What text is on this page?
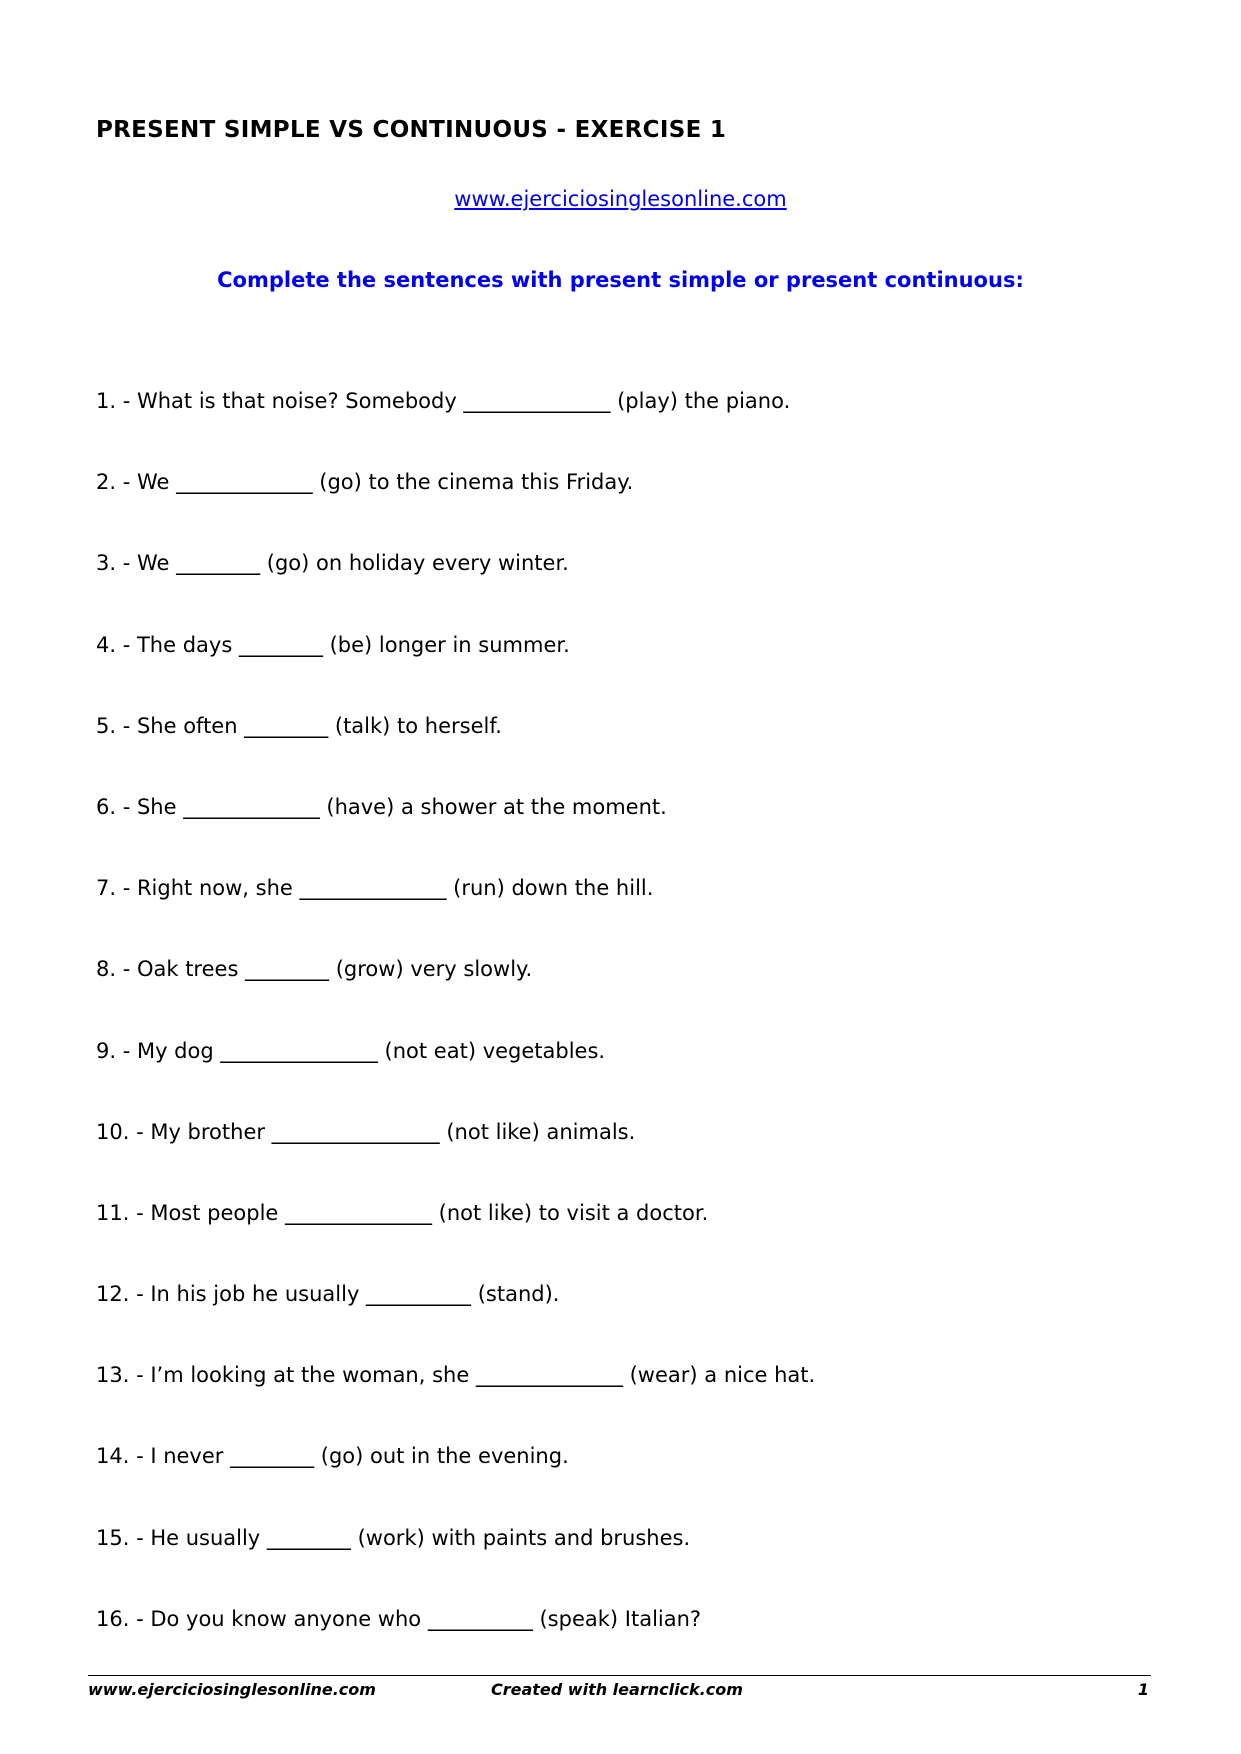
PRESENT SIMPLE VS CONTINUOUS - EXERCISE 1
www.ejerciciosinglesonline.com
Complete the sentences with present simple or present continuous:
1. - What is that noise? Somebody ______________ (play) the piano.
2. - We _____________ (go) to the cinema this Friday.
3. - We ________ (go) on holiday every winter.
4. - The days ________ (be) longer in summer.
5. - She often ________ (talk) to herself.
6. - She _____________ (have) a shower at the moment.
7. - Right now, she ______________ (run) down the hill.
8. - Oak trees ________ (grow) very slowly.
9. - My dog _______________ (not eat) vegetables.
10. - My brother ________________ (not like) animals.
11. - Most people ______________ (not like) to visit a doctor.
12. - In his job he usually __________ (stand).
13. - I’m looking at the woman, she ______________ (wear) a nice hat.
14. - I never ________ (go) out in the evening.
15. - He usually ________ (work) with paints and brushes.
16. - Do you know anyone who __________ (speak) Italian?
www.ejerciciosinglesonline.com	Created with learnclick.com	1
